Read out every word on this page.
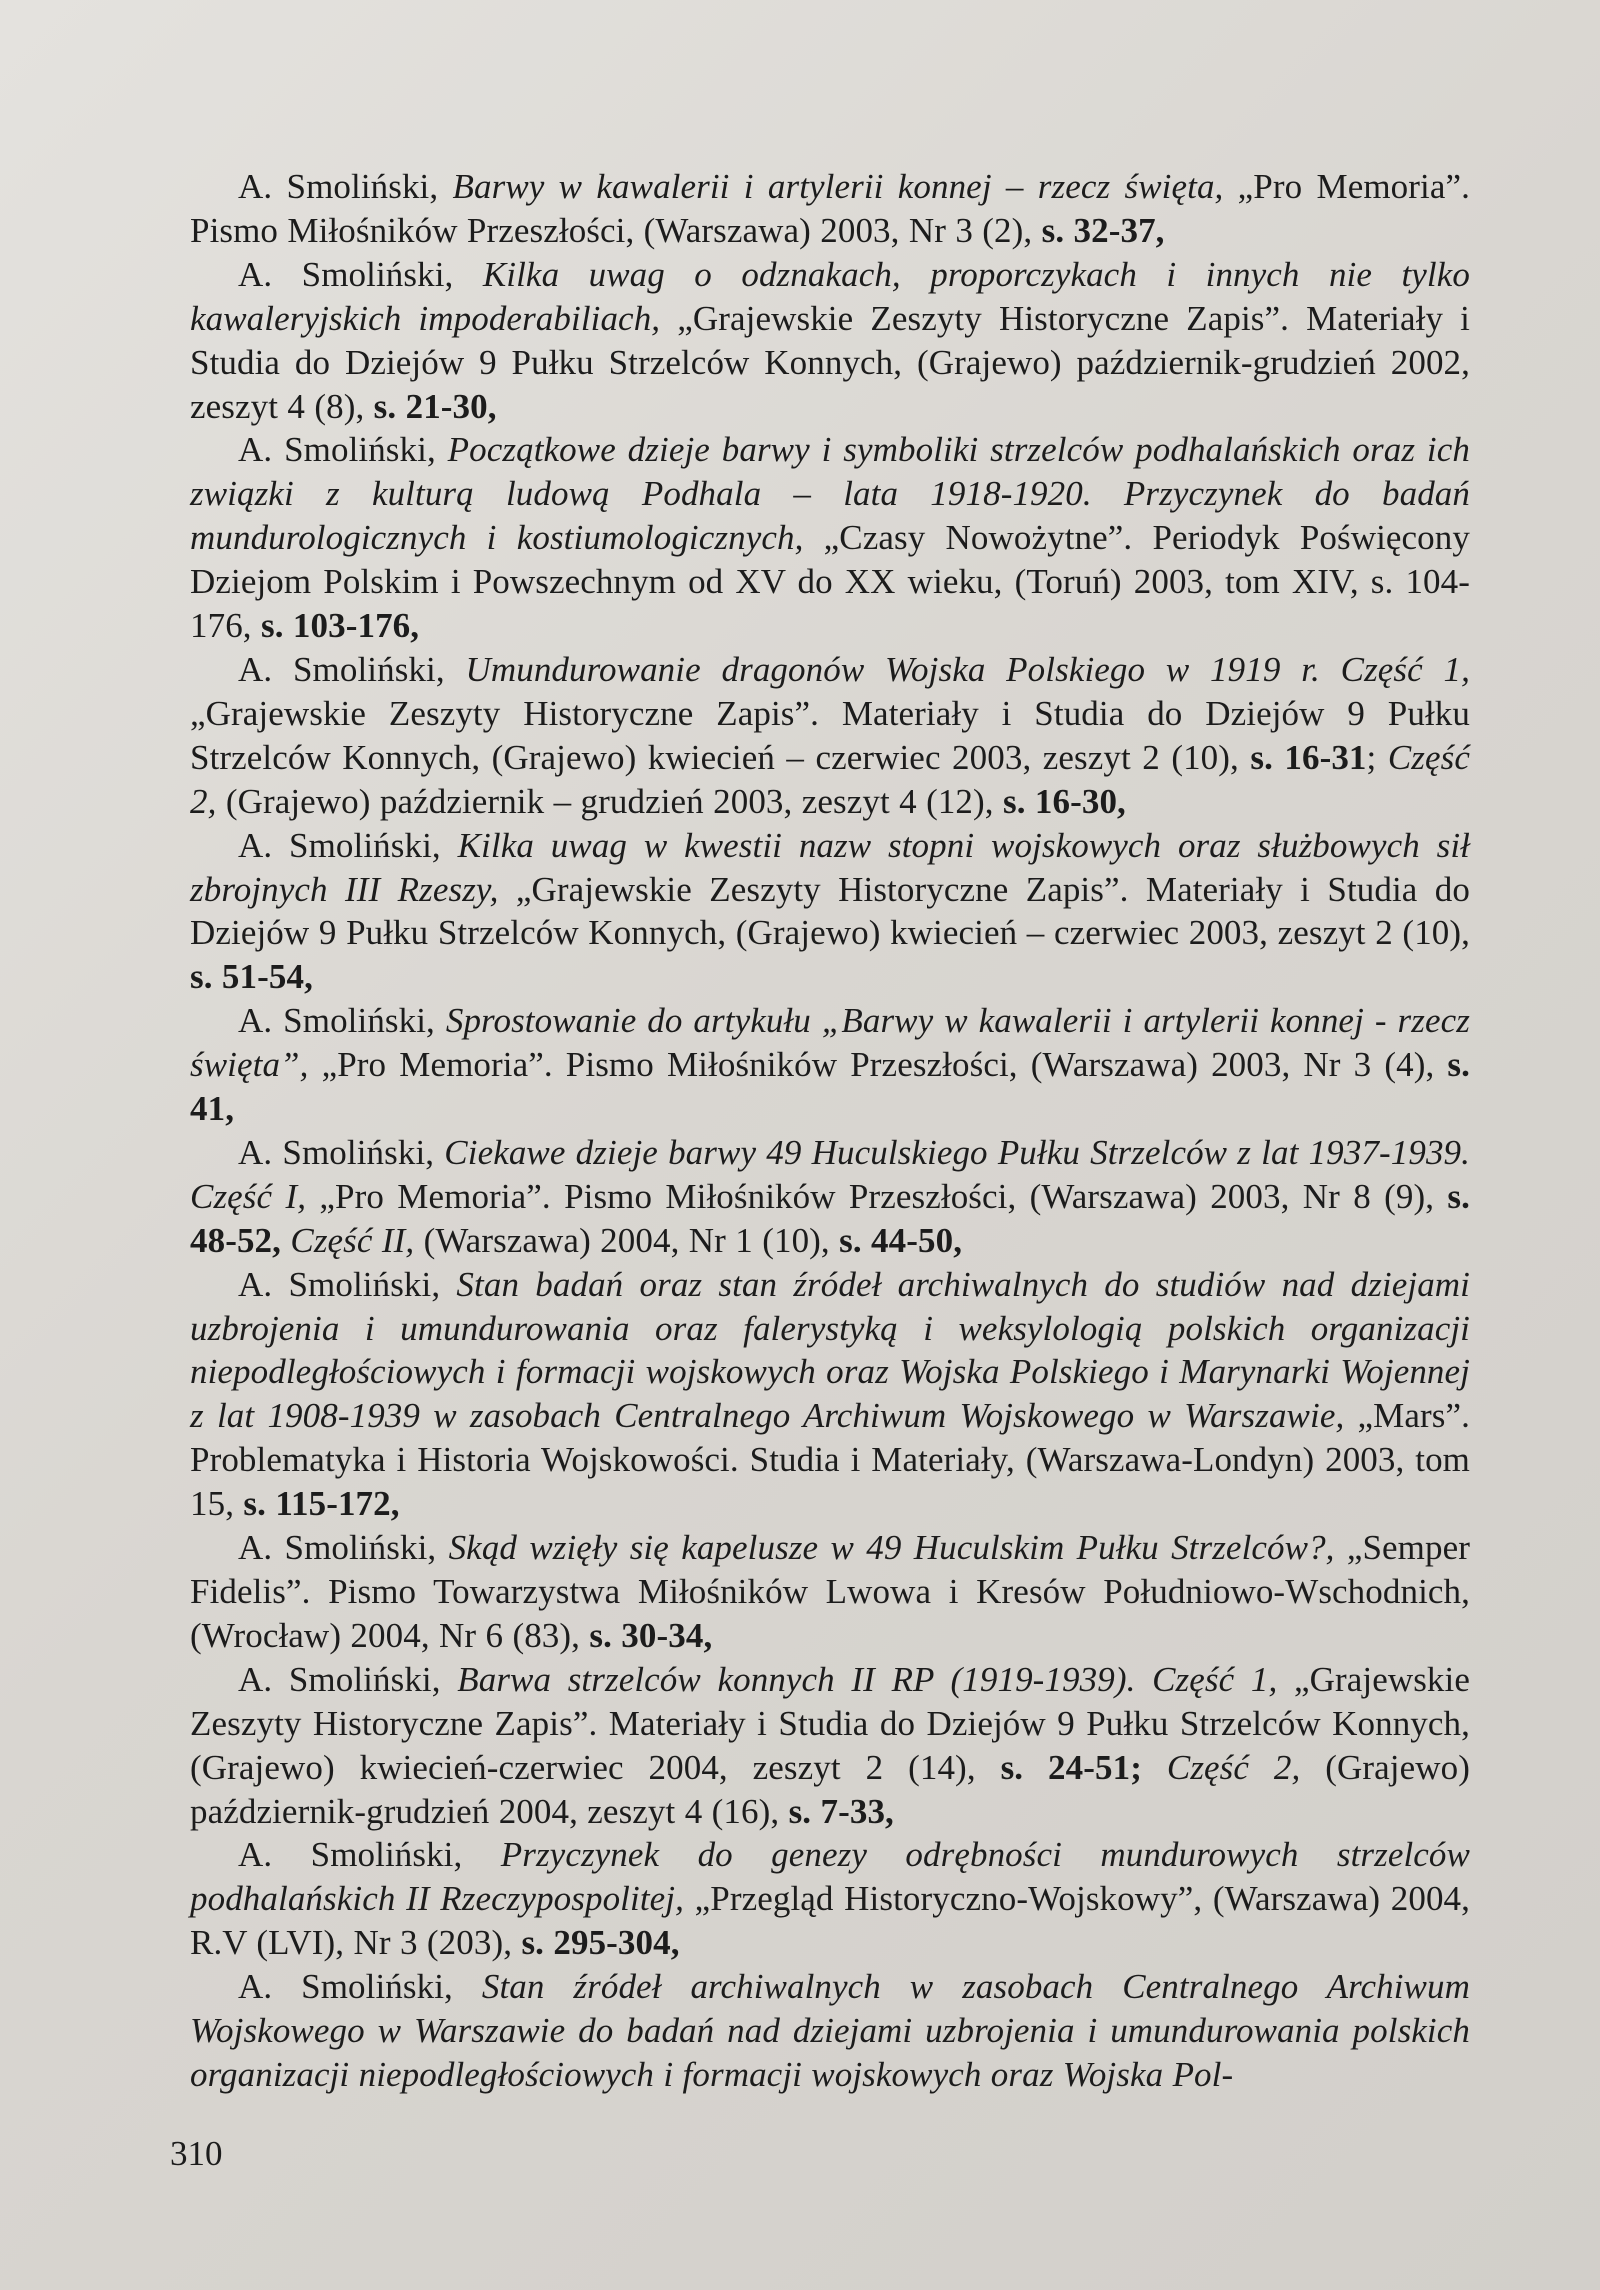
A. Smoliński, Barwy w kawalerii i artylerii konnej – rzecz święta, „Pro Memoria”. Pismo Miłośników Przeszłości, (Warszawa) 2003, Nr 3 (2), s. 32-37,

A. Smoliński, Kilka uwag o odznakach, proporczykach i innych nie tylko kawaleryjskich impoderabiliach, „Grajewskie Zeszyty Historyczne Zapis”. Materiały i Studia do Dziejów 9 Pułku Strzelców Konnych, (Grajewo) październik-grudzień 2002, zeszyt 4 (8), s. 21-30,

A. Smoliński, Początkowe dzieje barwy i symboliki strzelców podhalańskich oraz ich związki z kulturą ludową Podhala – lata 1918-1920. Przyczynek do badań mundurologicznych i kostiumologicznych, „Czasy Nowożytne”. Periodyk Poświęcony Dziejom Polskim i Powszechnym od XV do XX wieku, (Toruń) 2003, tom XIV, s. 104-176, s. 103-176,

A. Smoliński, Umundurowanie dragonów Wojska Polskiego w 1919 r. Część 1, „Grajewskie Zeszyty Historyczne Zapis”. Materiały i Studia do Dziejów 9 Pułku Strzelców Konnych, (Grajewo) kwiecień – czerwiec 2003, zeszyt 2 (10), s. 16-31; Część 2, (Grajewo) październik – grudzień 2003, zeszyt 4 (12), s. 16-30,

A. Smoliński, Kilka uwag w kwestii nazw stopni wojskowych oraz służbowych sił zbrojnych III Rzeszy, „Grajewskie Zeszyty Historyczne Zapis”. Materiały i Studia do Dziejów 9 Pułku Strzelców Konnych, (Grajewo) kwiecień – czerwiec 2003, zeszyt 2 (10), s. 51-54,

A. Smoliński, Sprostowanie do artykułu „Barwy w kawalerii i artylerii konnej - rzecz święta”, „Pro Memoria”. Pismo Miłośników Przeszłości, (Warszawa) 2003, Nr 3 (4), s. 41,

A. Smoliński, Ciekawe dzieje barwy 49 Huculskiego Pułku Strzelców z lat 1937-1939. Część I, „Pro Memoria”. Pismo Miłośników Przeszłości, (Warszawa) 2003, Nr 8 (9), s. 48-52, Część II, (Warszawa) 2004, Nr 1 (10), s. 44-50,

A. Smoliński, Stan badań oraz stan źródeł archiwalnych do studiów nad dziejami uzbrojenia i umundurowania oraz falerystyką i weksylologią polskich organizacji niepodległościowych i formacji wojskowych oraz Wojska Polskiego i Marynarki Wojennej z lat 1908-1939 w zasobach Centralnego Archiwum Wojskowego w Warszawie, „Mars”. Problematyka i Historia Wojskowości. Studia i Materiały, (Warszawa-Londyn) 2003, tom 15, s. 115-172,

A. Smoliński, Skąd wzięły się kapelusze w 49 Huculskim Pułku Strzelców?, „Semper Fidelis”. Pismo Towarzystwa Miłośników Lwowa i Kresów Południowo-Wschodnich, (Wrocław) 2004, Nr 6 (83), s. 30-34,

A. Smoliński, Barwa strzelców konnych II RP (1919-1939). Część 1, „Grajewskie Zeszyty Historyczne Zapis”. Materiały i Studia do Dziejów 9 Pułku Strzelców Konnych, (Grajewo) kwiecień-czerwiec 2004, zeszyt 2 (14), s. 24-51; Część 2, (Grajewo) październik-grudzień 2004, zeszyt 4 (16), s. 7-33,

A. Smoliński, Przyczynek do genezy odrębności mundurowych strzelców podhalańskich II Rzeczypospolitej, „Przegląd Historyczno-Wojskowy”, (Warszawa) 2004, R.V (LVI), Nr 3 (203), s. 295-304,

A. Smoliński, Stan źródeł archiwalnych w zasobach Centralnego Archiwum Wojskowego w Warszawie do badań nad dziejami uzbrojenia i umundurowania polskich organizacji niepodległościowych i formacji wojskowych oraz Wojska Pol-

310
